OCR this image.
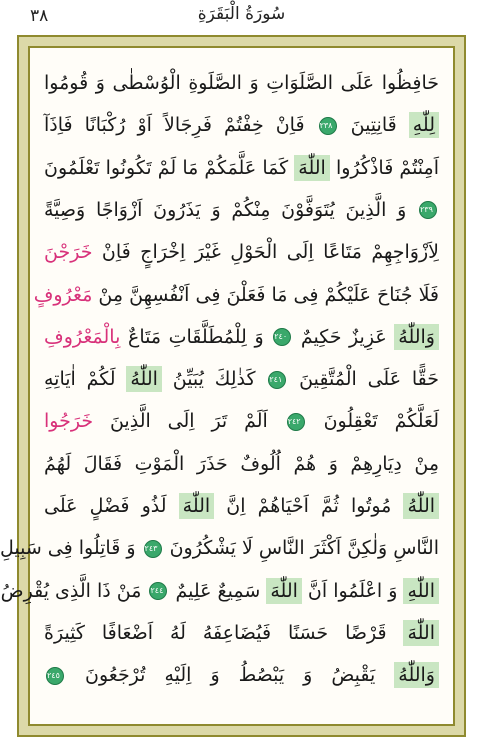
٣٨	سُورَةُ الْبَقَرَةِ
حَافِظُوا عَلَى الصَّلَوَاتِ وَ الصَّلَوةِ الْوُسْطٰى وَ قُومُوا
لِلّٰهِ قَانِتِينَ ٢٣٨ فَاِنْ خِفْتُمْ فَرِجَالاً اَوْ رُكْبَانًا فَاِذَآ
اَمِنْتُمْ فَاذْكُرُوا اللّٰهَ كَمَا عَلَّمَكُمْ مَا لَمْ تَكُونُوا تَعْلَمُونَ
٢٣٩ وَ الَّذِينَ يُتَوَفَّوْنَ مِنْكُمْ وَ يَذَرُونَ اَزْوَاجًا وَصِيَّةً
لِاَزْوَاجِهِمْ مَتَاعًا اِلَى الْحَوْلِ غَيْرَ اِخْرَاجٍ فَاِنْ خَرَجْنَ
فَلَا جُنَاحَ عَلَيْكُمْ فِى مَا فَعَلْنَ فِى اَنْفُسِهِنَّ مِنْ مَعْرُوفٍ
وَاللّٰهُ عَزِيزٌ حَكِيمٌ ٢٤٠ وَ لِلْمُطَلَّقَاتِ مَتَاعٌ بِالْمَعْرُوفِ
حَقًّا عَلَى الْمُتَّقِينَ ٢٤١ كَذٰلِكَ يُبَيِّنُ اللّٰهُ لَكُمْ اٰيَاتِهِ
لَعَلَّكُمْ تَعْقِلُونَ ٢٤٢ اَلَمْ تَرَ اِلَى الَّذِينَ خَرَجُوا
مِنْ دِيَارِهِمْ وَ هُمْ اُلُوفٌ حَذَرَ الْمَوْتِ فَقَالَ لَهُمُ
اللّٰهُ مُوتُوا ثُمَّ اَحْيَاهُمْ اِنَّ اللّٰهَ لَذُو فَضْلٍ عَلَى
النَّاسِ وَلٰكِنَّ اَكْثَرَ النَّاسِ لَا يَشْكُرُونَ ٢٤٣ وَ قَاتِلُوا فِى سَبِيلِ
اللّٰهِ وَ اعْلَمُوا اَنَّ اللّٰهَ سَمِيعٌ عَلِيمٌ ٢٤٤ مَنْ ذَا الَّذِى يُقْرِضُ
اللّٰهَ قَرْضًا حَسَنًا فَيُضَاعِفَهُ لَهُ اَضْعَافًا كَثِيرَةً
وَاللّٰهُ يَقْبِضُ وَ يَبْصُطُ وَ اِلَيْهِ تُرْجَعُونَ ٢٤٥
